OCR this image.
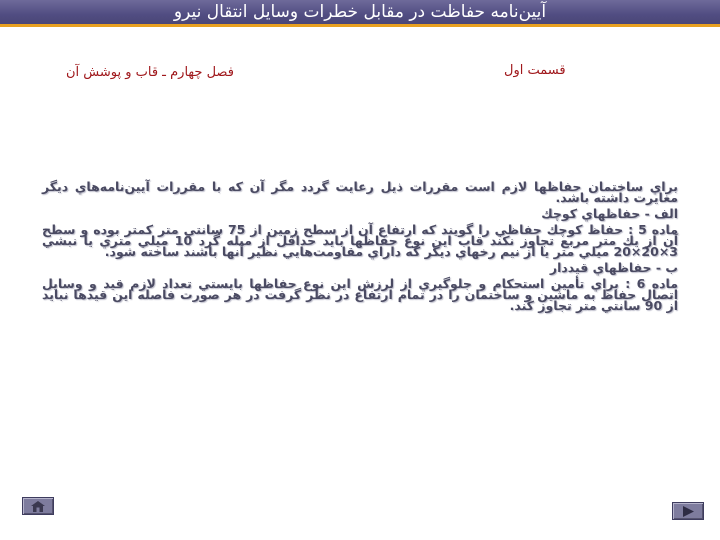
آيين‌نامه حفاظت در مقابل خطرات وسايل انتقال نيرو
قسمت اول
فصل چهارم ـ قاب و پوشش آن
براي ساختمان حفاظها لازم است مقررات ذيل رعايت گردد مگر آن كه با مقررات آيين‌نامه‌هاي ديگر مغايرت داشته باشد.
الف - حفاظهاي كوچك
ماده 5 : حفاظ كوچك حفاظي را گويند كه ارتفاع آن از سطح زمين از 75 سانتي متر كمتر بوده و سطح آن از يك متر مربع تجاوز نكند قاب اين نوع حفاظها بايد حداقل از ميله گرد 10 ميلي متري يا نبشي 3×20×20 ميلي متر يا از نيم رخهاي ديگر كه داراي مقاومت‌هايي نظير آنها باشند ساخته شود.
ب - حفاظهاي قيددار
ماده 6 : براي تأمين استحكام و جلوگيري از لرزش اين نوع حفاظها بايستي تعداد لازم قيد و وسايل اتصال حفاظ به ماشين و ساختمان را در تمام ارتفاع در نظر گرفت در هر صورت فاصله اين قيدها نبايد از 90 سانتي متر تجاوز كند.
